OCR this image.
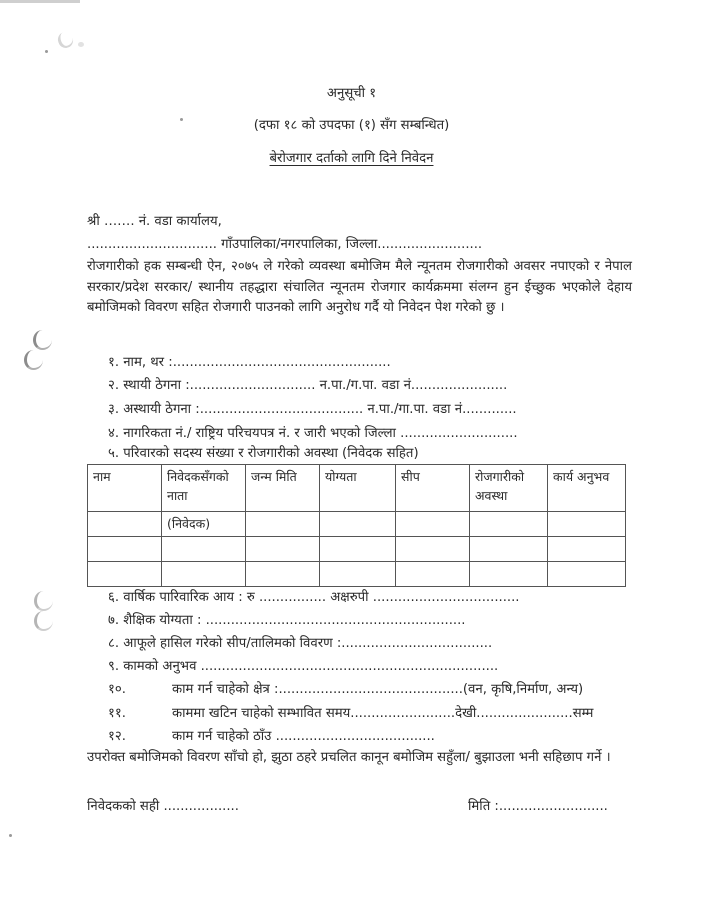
अनुसूची १
(दफा १८ को उपदफा (१) सँग सम्बन्धित)
बेरोजगार दर्ताको लागि दिने निवेदन
श्री ……. नं. वडा कार्यालय,
............................... गाँउपालिका/नगरपालिका, जिल्ला.........................
रोजगारीको हक सम्बन्धी ऐन, २०७५ ले गरेको व्यवस्था बमोजिम मैले न्यूनतम रोजगारीको अवसर नपाएको र नेपाल सरकार/प्रदेश सरकार/ स्थानीय तहद्धारा संचालित न्यूनतम रोजगार कार्यक्रममा संलग्न हुन ईच्छुक भएकोले देहाय बमोजिमको विवरण सहित रोजगारी पाउनको लागि अनुरोध गर्दै यो निवेदन पेश गरेको छु ।
१. नाम, थर :....................................................
२. स्थायी ठेगना :.............................. न.पा./ग.पा. वडा नं.......................
३. अस्थायी ठेगना :....................................... न.पा./गा.पा. वडा नं.............
४. नागरिकता नं./ राष्ट्रिय परिचयपत्र नं. र जारी भएको जिल्ला ............................
५. परिवारको सदस्य संख्या र रोजगारीको अवस्था (निवेदक सहित)
नाम	निवेदकसँगको नाता	जन्म मिति	योग्यता	सीप	रोजगारीको अवस्था	कार्य अनुभव
	(निवेदक)					

६. वार्षिक पारिवारिक आय : रु ................ अक्षरुपी ...................................
७. शैक्षिक योग्यता : ..............................................................
८. आफूले हासिल गरेको सीप/तालिमको विवरण :....................................
९. कामको अनुभव .......................................................................
१०.	काम गर्न चाहेको क्षेत्र :............................................(वन, कृषि,निर्माण, अन्य)
११.	काममा खटिन चाहेको सम्भावित समय.........................देखी.......................सम्म
१२.	काम गर्न चाहेको ठाँउ ......................................
उपरोक्त बमोजिमको विवरण साँचो हो, झुठा ठहरे प्रचलित कानून बमोजिम सहुँला/ बुझाउला भनी सहिछाप गर्ने ।
निवेदकको सही ..................	मिति :..........................
